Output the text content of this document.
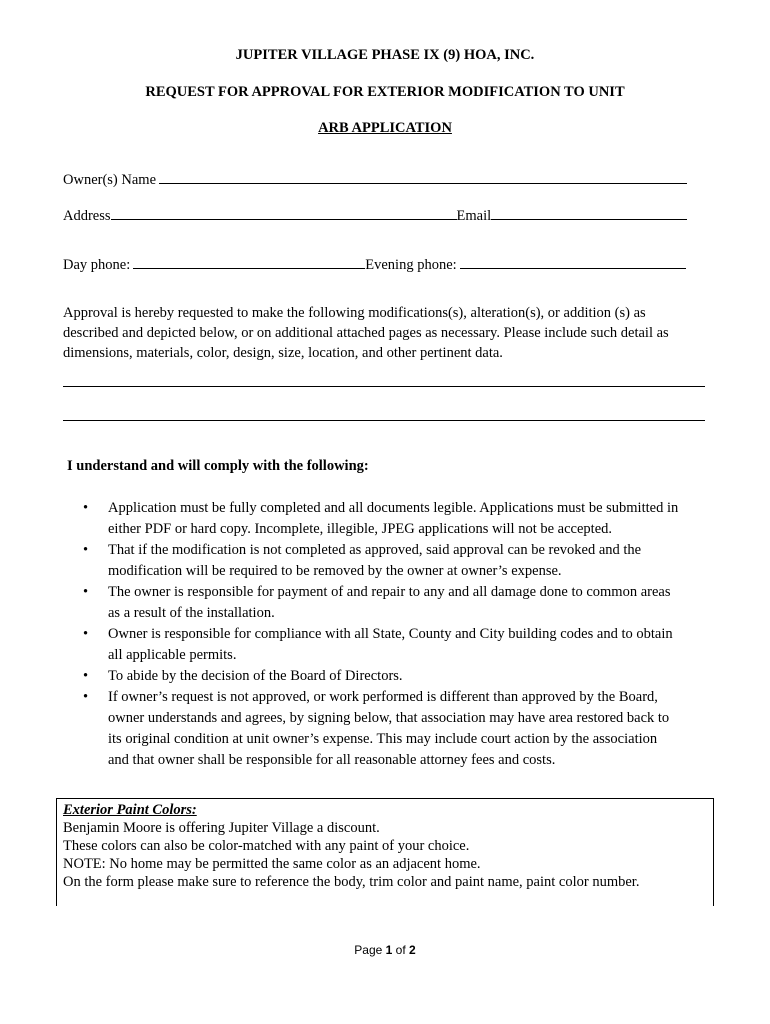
JUPITER VILLAGE PHASE IX (9) HOA, INC.
REQUEST FOR APPROVAL FOR EXTERIOR MODIFICATION TO UNIT
ARB APPLICATION
Owner(s) Name
Address	Email
Day phone:	Evening phone:
Approval is hereby requested to make the following modifications(s), alteration(s), or addition (s) as
described and depicted below, or on additional attached pages as necessary. Please include such detail as
dimensions, materials, color, design, size, location, and other pertinent data.
I understand and will comply with the following:
• Application must be fully completed and all documents legible. Applications must be submitted in
either PDF or hard copy. Incomplete, illegible, JPEG applications will not be accepted.
• That if the modification is not completed as approved, said approval can be revoked and the
modification will be required to be removed by the owner at owner’s expense.
• The owner is responsible for payment of and repair to any and all damage done to common areas
as a result of the installation.
• Owner is responsible for compliance with all State, County and City building codes and to obtain
all applicable permits.
• To abide by the decision of the Board of Directors.
• If owner’s request is not approved, or work performed is different than approved by the Board,
owner understands and agrees, by signing below, that association may have area restored back to
its original condition at unit owner’s expense. This may include court action by the association
and that owner shall be responsible for all reasonable attorney fees and costs.
Exterior Paint Colors:
Benjamin Moore is offering Jupiter Village a discount.
These colors can also be color-matched with any paint of your choice.
NOTE: No home may be permitted the same color as an adjacent home.
On the form please make sure to reference the body, trim color and paint name, paint color number.
Page 1 of 2
